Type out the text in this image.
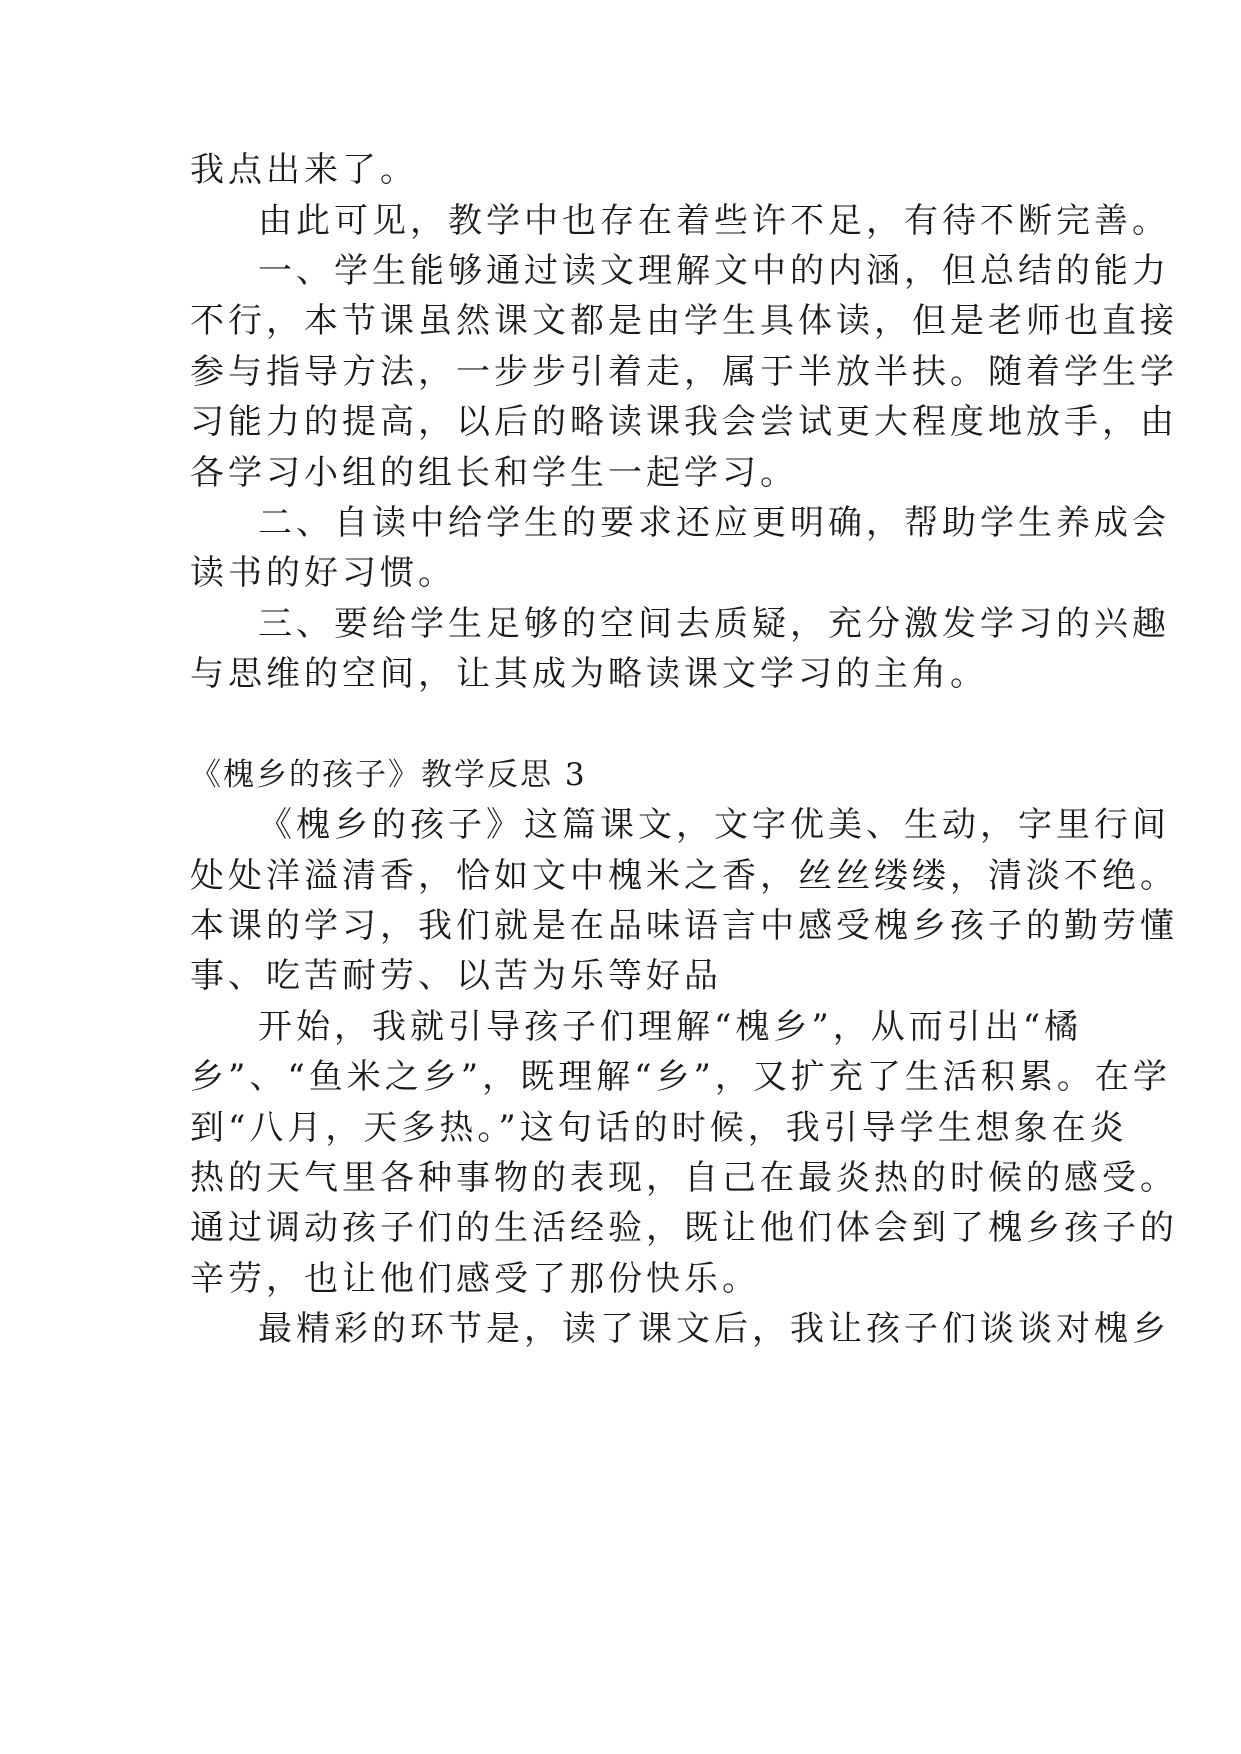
我点出来了。
由此可见，教学中也存在着些许不足，有待不断完善。
一、学生能够通过读文理解文中的内涵，但总结的能力
不行，本节课虽然课文都是由学生具体读，但是老师也直接
参与指导方法，一步步引着走，属于半放半扶。随着学生学
习能力的提高，以后的略读课我会尝试更大程度地放手，由
各学习小组的组长和学生一起学习。
二、自读中给学生的要求还应更明确，帮助学生养成会
读书的好习惯。
三、要给学生足够的空间去质疑，充分激发学习的兴趣
与思维的空间，让其成为略读课文学习的主角。
《槐乡的孩子》教学反思 3
《槐乡的孩子》这篇课文，文字优美、生动，字里行间
处处洋溢清香，恰如文中槐米之香，丝丝缕缕，清淡不绝。
本课的学习，我们就是在品味语言中感受槐乡孩子的勤劳懂
事、吃苦耐劳、以苦为乐等好品
开始，我就引导孩子们理解“槐乡”，从而引出“橘
乡”、“鱼米之乡”，既理解“乡”，又扩充了生活积累。在学
到“八月，天多热。”这句话的时候，我引导学生想象在炎
热的天气里各种事物的表现，自己在最炎热的时候的感受。
通过调动孩子们的生活经验，既让他们体会到了槐乡孩子的
辛劳，也让他们感受了那份快乐。
最精彩的环节是，读了课文后，我让孩子们谈谈对槐乡
